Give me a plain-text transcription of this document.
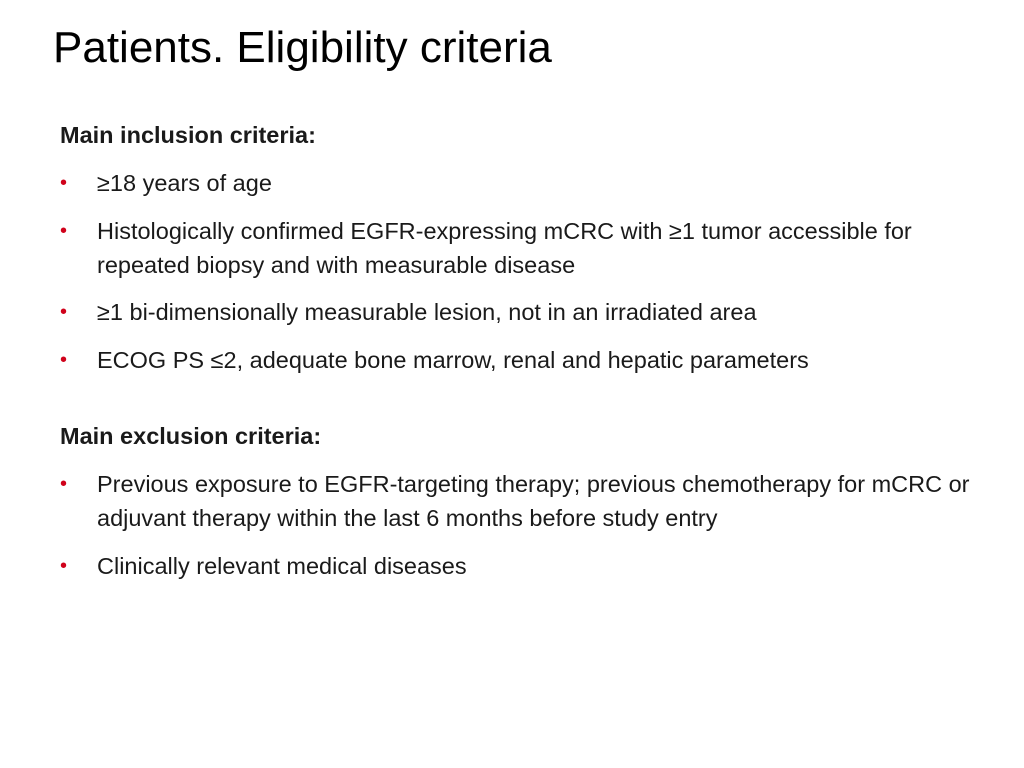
Patients. Eligibility criteria
Main inclusion criteria:
• ≥18 years of age
• Histologically confirmed EGFR-expressing mCRC with ≥1 tumor accessible for repeated biopsy and with measurable disease
• ≥1 bi-dimensionally measurable lesion, not in an irradiated area
• ECOG PS ≤2, adequate bone marrow, renal and hepatic parameters
Main exclusion criteria:
• Previous exposure to EGFR-targeting therapy; previous chemotherapy for mCRC or adjuvant therapy within the last 6 months before study entry
• Clinically relevant medical diseases
